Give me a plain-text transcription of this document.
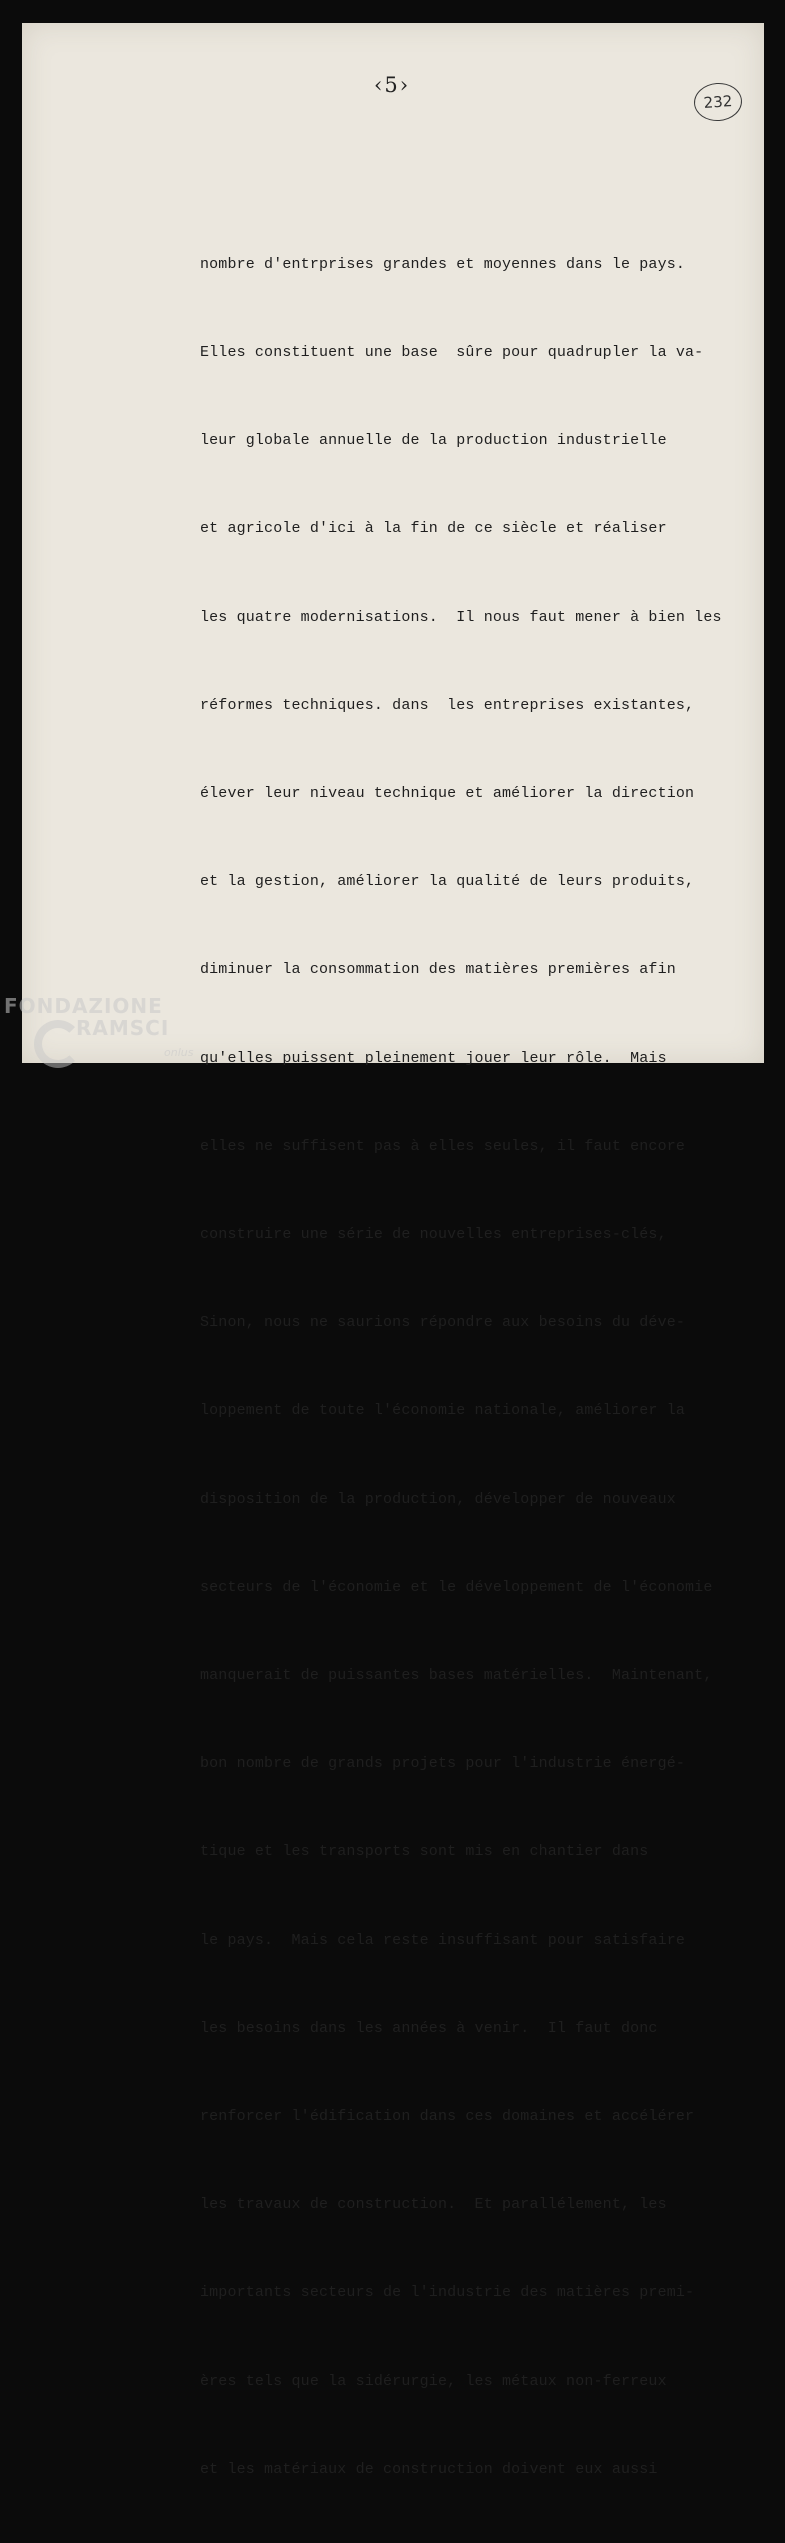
‹5›
232

nombre d'entrprises grandes et moyennes dans le pays.

Elles constituent une base  sûre pour quadrupler la va-

leur globale annuelle de la production industrielle

et agricole d'ici à la fin de ce siècle et réaliser

les quatre modernisations.  Il nous faut mener à bien les

réformes techniques. dans  les entreprises existantes,

élever leur niveau technique et améliorer la direction

et la gestion, améliorer la qualité de leurs produits,

diminuer la consommation des matières premières afin

qu'elles puissent pleinement jouer leur rôle.  Mais

elles ne suffisent pas à elles seules, il faut encore

construire une série de nouvelles entreprises-clés,

Sinon, nous ne saurions répondre aux besoins du déve-

loppement de toute l'économie nationale, améliorer la

disposition de la production, développer de nouveaux

secteurs de l'économie et le développement de l'économie

manquerait de puissantes bases matérielles.  Maintenant,

bon nombre de grands projets pour l'industrie énergé-

tique et les transports sont mis en chantier dans

le pays.  Mais cela reste insuffisant pour satisfaire

les besoins dans les années à venir.  Il faut donc

renforcer l'édification dans ces domaines et accélérer

les travaux de construction.  Et parallélement, les

importants secteurs de l'industrie des matières premi-

ères tels que la sidérurgie, les métaux non-ferreux

et les matériaux de construction doivent eux aussi

FONDAZIONE
RAMSCI
onlus
